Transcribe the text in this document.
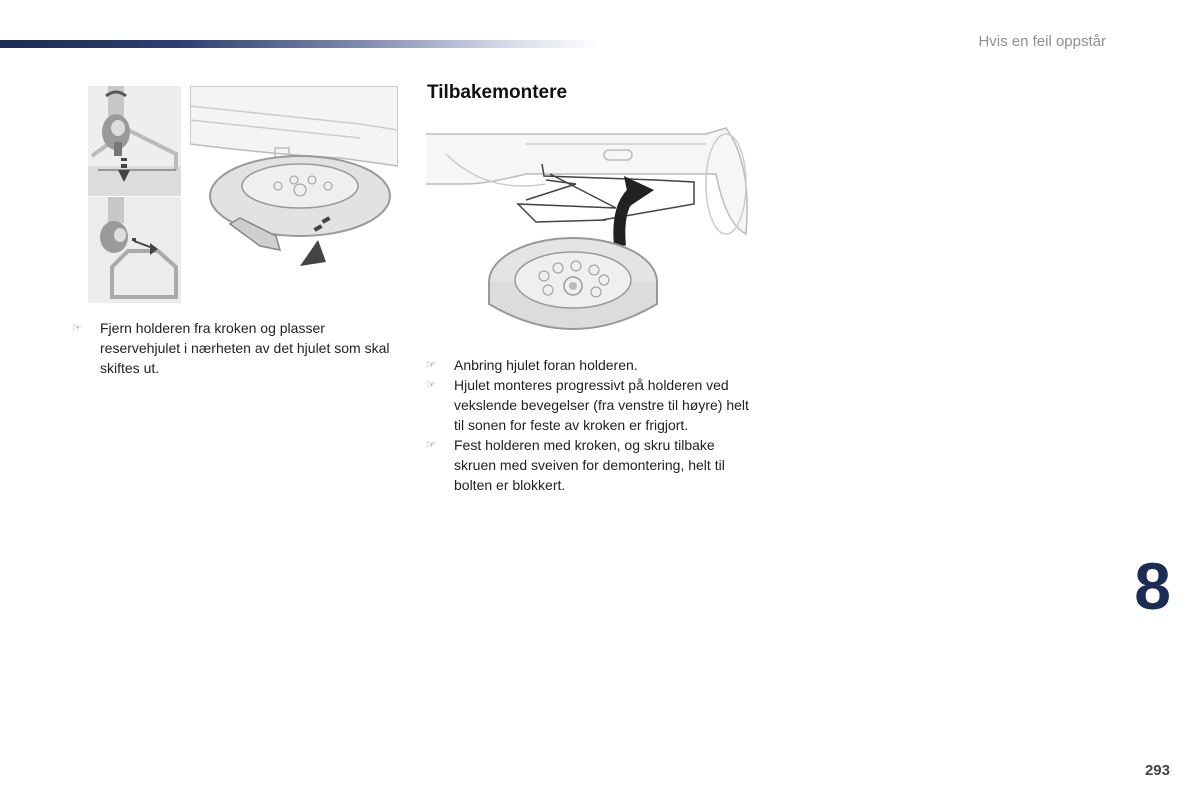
Hvis en feil oppstår
☞ Fjern holderen fra kroken og plasser reservehjulet i nærheten av det hjulet som skal skiftes ut.
Tilbakemontere
☞ Anbring hjulet foran holderen.
☞ Hjulet monteres progressivt på holderen ved vekslende bevegelser (fra venstre til høyre) helt til sonen for feste av kroken er frigjort.
☞ Fest holderen med kroken, og skru tilbake skruen med sveiven for demontering, helt til bolten er blokkert.
8
293
